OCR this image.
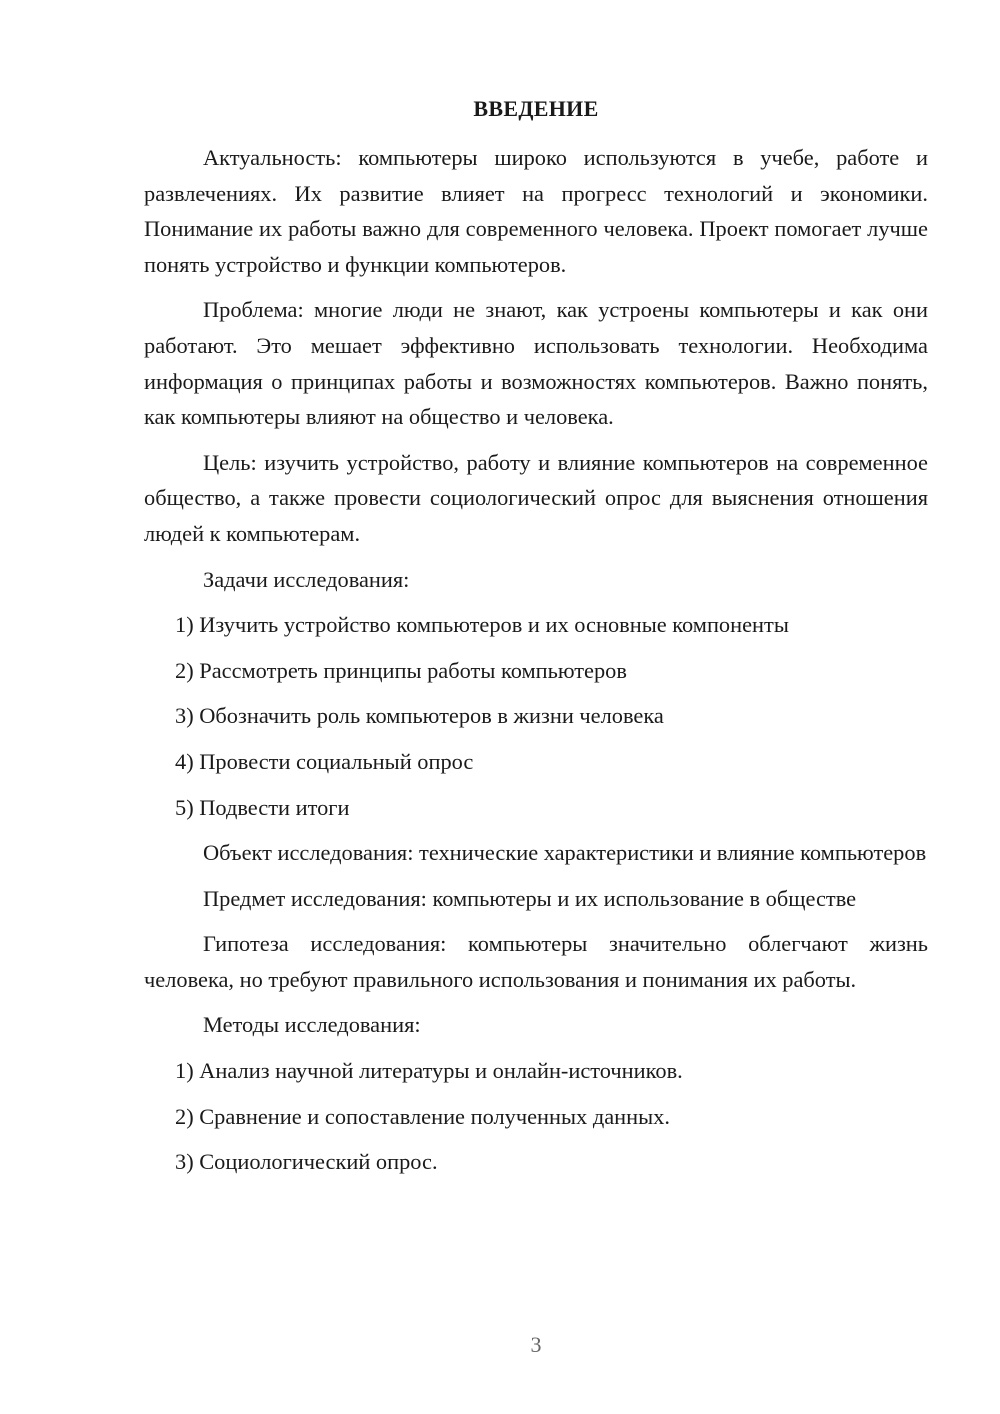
ВВЕДЕНИЕ

Актуальность: компьютеры широко используются в учебе, работе и развлечениях. Их развитие влияет на прогресс технологий и экономики. Понимание их работы важно для современного человека. Проект помогает лучше понять устройство и функции компьютеров.

Проблема: многие люди не знают, как устроены компьютеры и как они работают. Это мешает эффективно использовать технологии. Необходима информация о принципах работы и возможностях компьютеров. Важно понять, как компьютеры влияют на общество и человека.

Цель: изучить устройство, работу и влияние компьютеров на современное общество, а также провести социологический опрос для выяснения отношения людей к компьютерам.

Задачи исследования:

1) Изучить устройство компьютеров и их основные компоненты

2) Рассмотреть принципы работы компьютеров

3) Обозначить роль компьютеров в жизни человека

4) Провести социальный опрос

5) Подвести итоги

Объект исследования: технические характеристики и влияние компьютеров

Предмет исследования: компьютеры и их использование в обществе

Гипотеза исследования: компьютеры значительно облегчают жизнь человека, но требуют правильного использования и понимания их работы.

Методы исследования:

1) Анализ научной литературы и онлайн-источников.

2) Сравнение и сопоставление полученных данных.

3) Социологический опрос.

3
